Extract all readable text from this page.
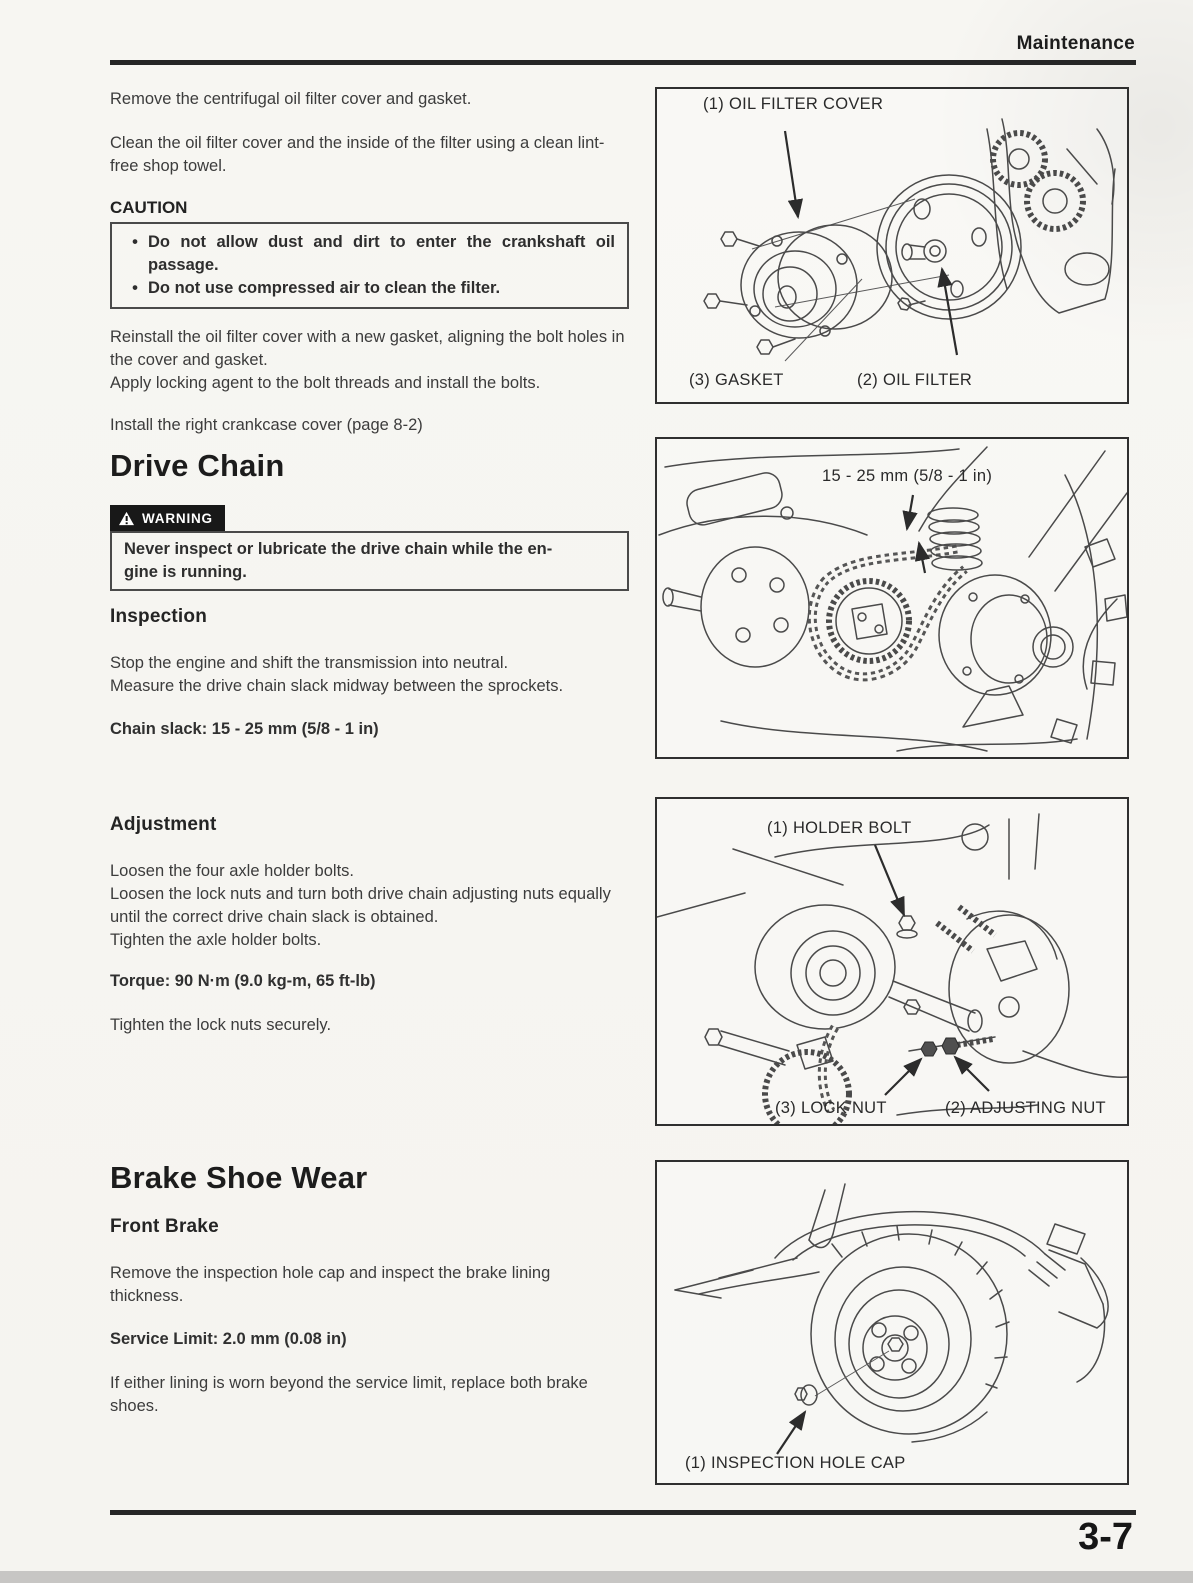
Maintenance
Remove the centrifugal oil filter cover and gasket.
Clean the oil filter cover and the inside of the filter using a clean lint-free shop towel.
CAUTION
•
Do not allow dust and dirt to enter the crankshaft oil passage.
•
Do not use compressed air to clean the filter.
Reinstall the oil filter cover with a new gasket, aligning the bolt holes in the cover and gasket.
Apply locking agent to the bolt threads and install the bolts.
Install the right crankcase cover (page 8-2)
Drive Chain
WARNING
Never inspect or lubricate the drive chain while the en-
gine is running.
Inspection
Stop the engine and shift the transmission into neutral.
Measure the drive chain slack midway between the sprockets.
Chain slack: 15 - 25 mm (5/8 - 1 in)
Adjustment
Loosen the four axle holder bolts.
Loosen the lock nuts and turn both drive chain adjusting nuts equally until the correct drive chain slack is obtained.
Tighten the axle holder bolts.
Torque: 90 N·m (9.0 kg-m, 65 ft-lb)
Tighten the lock nuts securely.
Brake Shoe Wear
Front Brake
Remove the inspection hole cap and inspect the brake lining thickness.
Service Limit: 2.0 mm (0.08 in)
If either lining is worn beyond the service limit, replace both brake shoes.
(1) OIL FILTER COVER
(3) GASKET	(2) OIL FILTER
15 - 25 mm (5/8 - 1 in)
(1) HOLDER BOLT
(3) LOCK NUT	(2) ADJUSTING NUT
(1) INSPECTION HOLE CAP
3-7
